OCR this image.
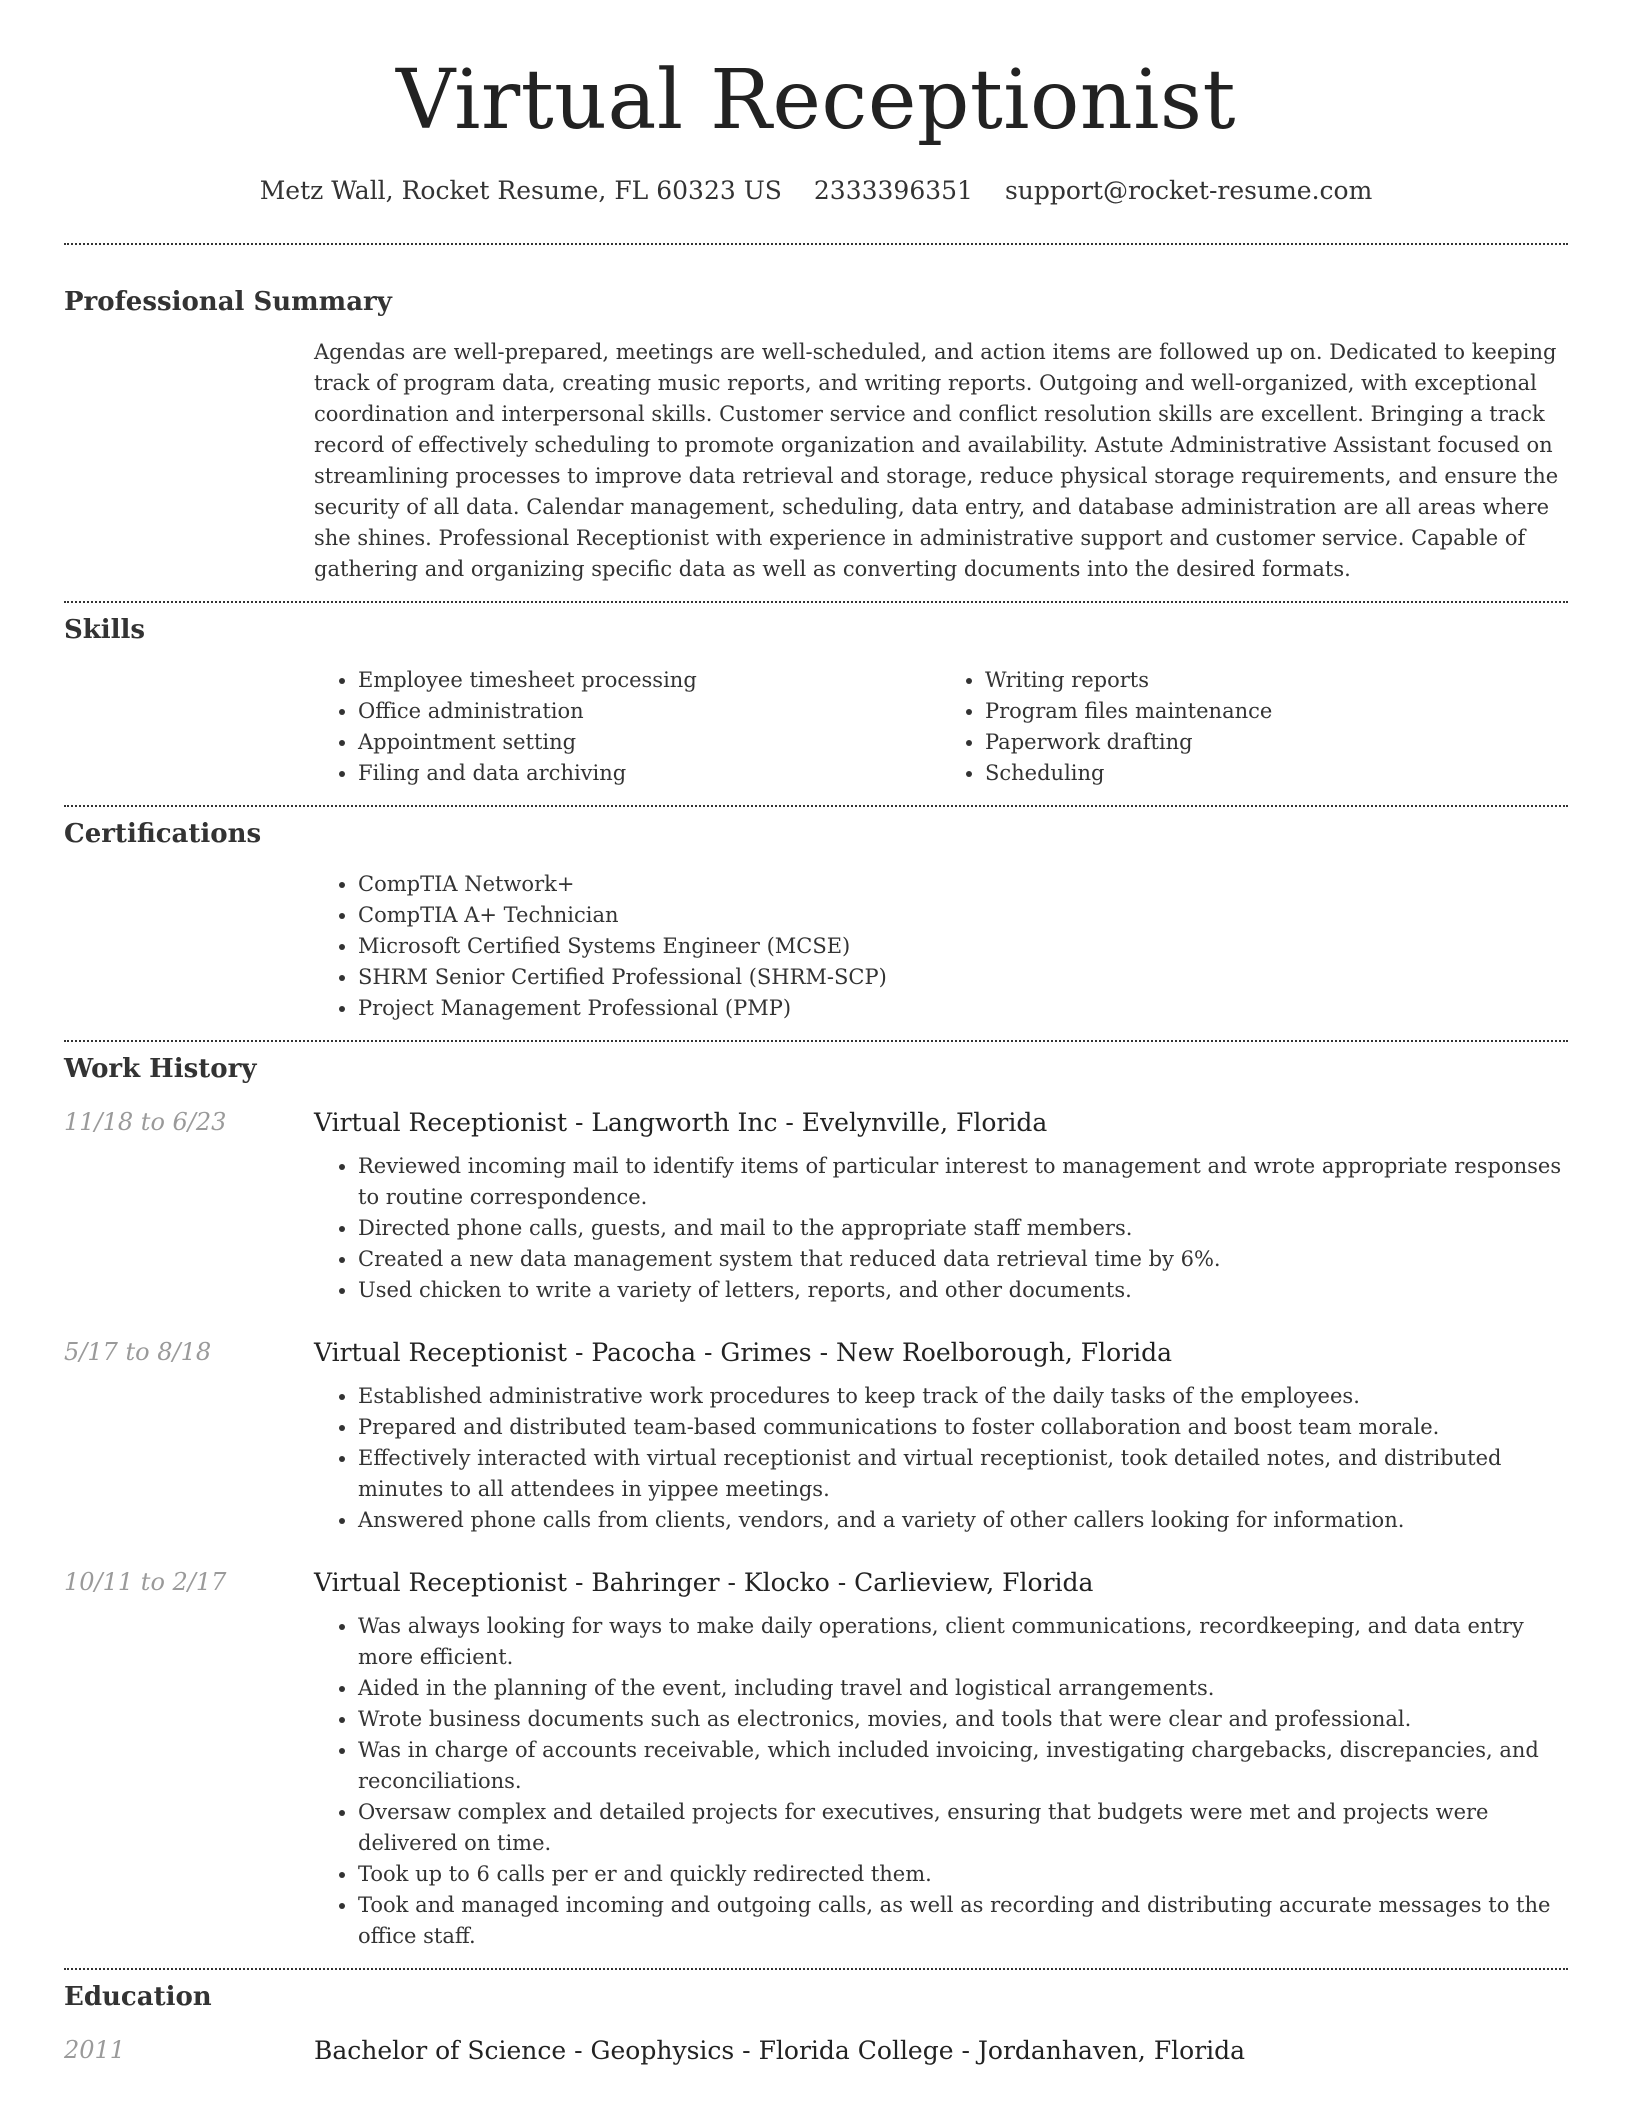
Virtual Receptionist
Metz Wall, Rocket Resume, FL 60323 US 2333396351 support@rocket-resume.com
Professional Summary
Agendas are well-prepared, meetings are well-scheduled, and action items are followed up on. Dedicated to keeping track of program data, creating music reports, and writing reports. Outgoing and well-organized, with exceptional coordination and interpersonal skills. Customer service and conflict resolution skills are excellent. Bringing a track record of effectively scheduling to promote organization and availability. Astute Administrative Assistant focused on streamlining processes to improve data retrieval and storage, reduce physical storage requirements, and ensure the security of all data. Calendar management, scheduling, data entry, and database administration are all areas where she shines. Professional Receptionist with experience in administrative support and customer service. Capable of gathering and organizing specific data as well as converting documents into the desired formats.
Skills
• Employee timesheet processing
• Office administration
• Appointment setting
• Filing and data archiving
• Writing reports
• Program files maintenance
• Paperwork drafting
• Scheduling
Certifications
• CompTIA Network+
• CompTIA A+ Technician
• Microsoft Certified Systems Engineer (MCSE)
• SHRM Senior Certified Professional (SHRM-SCP)
• Project Management Professional (PMP)
Work History
11/18 to 6/23	Virtual Receptionist - Langworth Inc - Evelynville, Florida
• Reviewed incoming mail to identify items of particular interest to management and wrote appropriate responses to routine correspondence.
• Directed phone calls, guests, and mail to the appropriate staff members.
• Created a new data management system that reduced data retrieval time by 6%.
• Used chicken to write a variety of letters, reports, and other documents.
5/17 to 8/18	Virtual Receptionist - Pacocha - Grimes - New Roelborough, Florida
• Established administrative work procedures to keep track of the daily tasks of the employees.
• Prepared and distributed team-based communications to foster collaboration and boost team morale.
• Effectively interacted with virtual receptionist and virtual receptionist, took detailed notes, and distributed minutes to all attendees in yippee meetings.
• Answered phone calls from clients, vendors, and a variety of other callers looking for information.
10/11 to 2/17	Virtual Receptionist - Bahringer - Klocko - Carlieview, Florida
• Was always looking for ways to make daily operations, client communications, recordkeeping, and data entry more efficient.
• Aided in the planning of the event, including travel and logistical arrangements.
• Wrote business documents such as electronics, movies, and tools that were clear and professional.
• Was in charge of accounts receivable, which included invoicing, investigating chargebacks, discrepancies, and reconciliations.
• Oversaw complex and detailed projects for executives, ensuring that budgets were met and projects were delivered on time.
• Took up to 6 calls per er and quickly redirected them.
• Took and managed incoming and outgoing calls, as well as recording and distributing accurate messages to the office staff.
Education
2011	Bachelor of Science - Geophysics - Florida College - Jordanhaven, Florida
